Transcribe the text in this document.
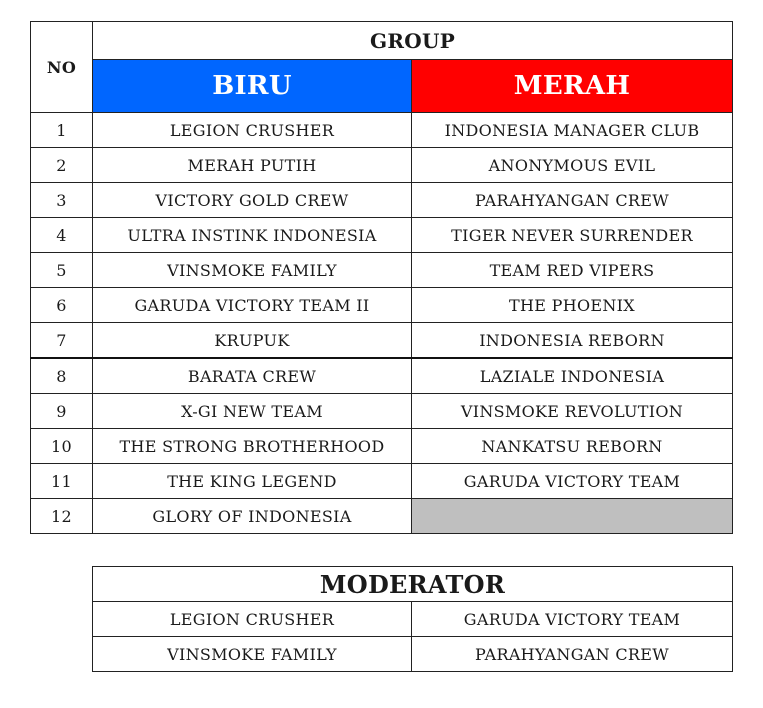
NO	GROUP	
	BIRU	MERAH
1	LEGION CRUSHER	INDONESIA MANAGER CLUB
2	MERAH PUTIH	ANONYMOUS EVIL
3	VICTORY GOLD CREW	PARAHYANGAN CREW
4	ULTRA INSTINK INDONESIA	TIGER NEVER SURRENDER
5	VINSMOKE FAMILY	TEAM RED VIPERS
6	GARUDA VICTORY TEAM II	THE PHOENIX
7	KRUPUK	INDONESIA REBORN
8	BARATA CREW	LAZIALE INDONESIA
9	X-GI NEW TEAM	VINSMOKE REVOLUTION
10	THE STRONG BROTHERHOOD	NANKATSU REBORN
11	THE KING LEGEND	GARUDA VICTORY TEAM
12	GLORY OF INDONESIA	
MODERATOR	
LEGION CRUSHER	GARUDA VICTORY TEAM
VINSMOKE FAMILY	PARAHYANGAN CREW
